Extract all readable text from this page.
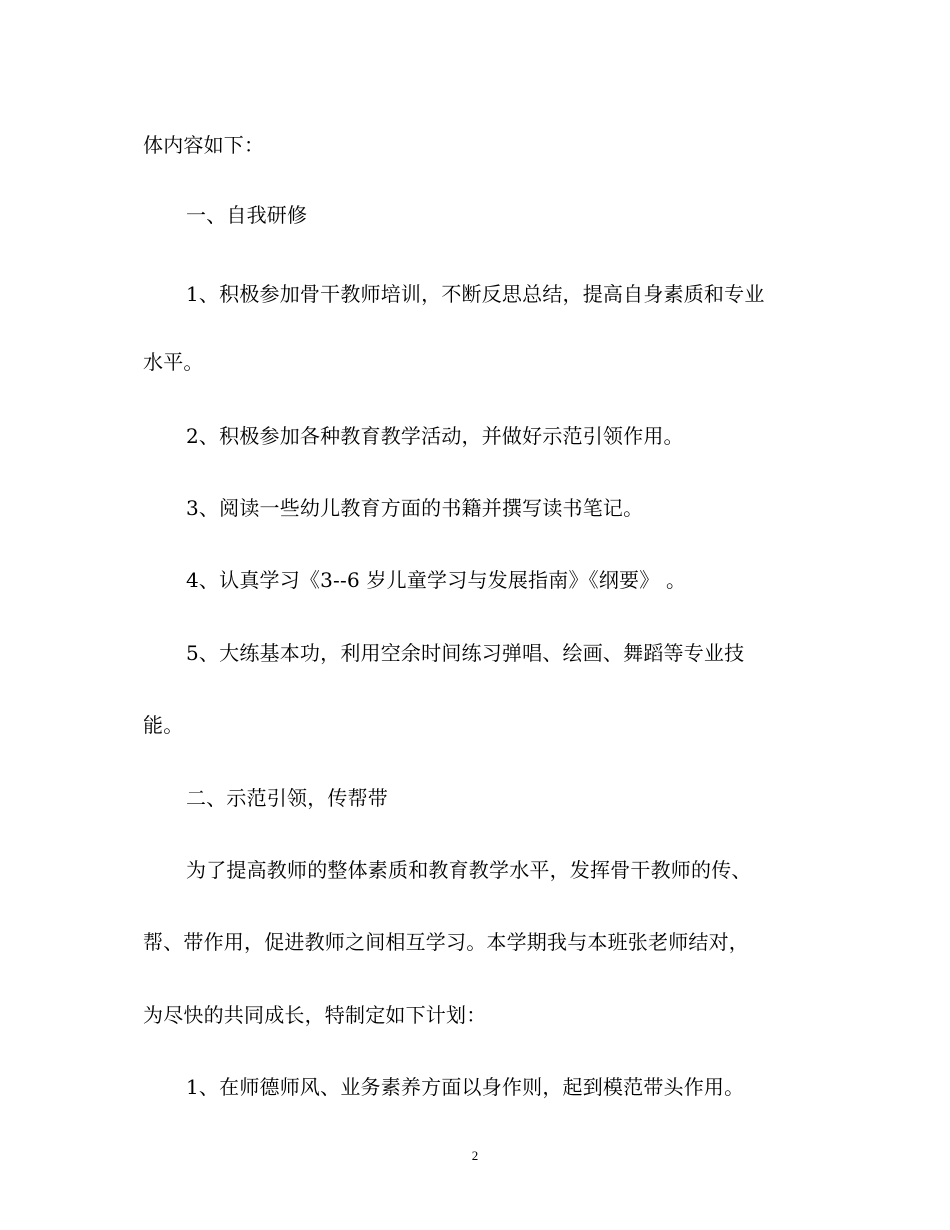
体内容如下：
一、自我研修
1、积极参加骨干教师培训，不断反思总结，提高自身素质和专业
水平。
2、积极参加各种教育教学活动，并做好示范引领作用。
3、阅读一些幼儿教育方面的书籍并撰写读书笔记。
4、认真学习《3--6 岁儿童学习与发展指南》《纲要》 。
5、大练基本功，利用空余时间练习弹唱、绘画、舞蹈等专业技
能。
二、示范引领，传帮带
为了提高教师的整体素质和教育教学水平，发挥骨干教师的传、
帮、带作用，促进教师之间相互学习。本学期我与本班张老师结对，
为尽快的共同成长，特制定如下计划：
1、在师德师风、业务素养方面以身作则，起到模范带头作用。
2
